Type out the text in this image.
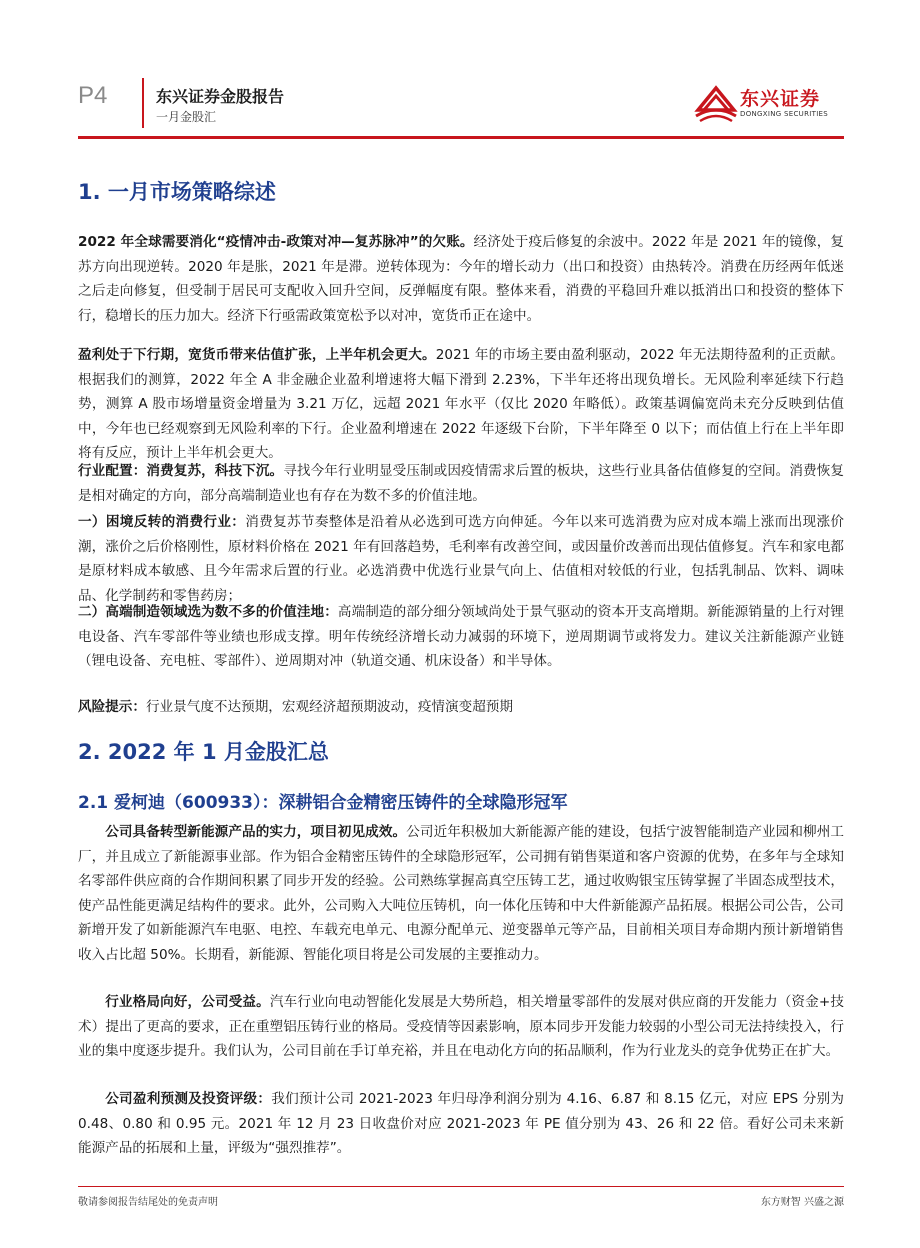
P4	东兴证券金股报告
一月金股汇
东兴证券
DONGXING SECURITIES
1. 一月市场策略综述
2022 年全球需要消化“疫情冲击-政策对冲—复苏脉冲”的欠账。经济处于疫后修复的余波中。2022 年是 2021 年的镜像，复苏方向出现逆转。2020 年是胀，2021 年是滞。逆转体现为：今年的增长动力（出口和投资）由热转冷。消费在历经两年低迷之后走向修复，但受制于居民可支配收入回升空间，反弹幅度有限。整体来看，消费的平稳回升难以抵消出口和投资的整体下行，稳增长的压力加大。经济下行亟需政策宽松予以对冲，宽货币正在途中。
盈利处于下行期，宽货币带来估值扩张，上半年机会更大。2021 年的市场主要由盈利驱动，2022 年无法期待盈利的正贡献。根据我们的测算，2022 年全 A 非金融企业盈利增速将大幅下滑到 2.23%，下半年还将出现负增长。无风险利率延续下行趋势，测算 A 股市场增量资金增量为 3.21 万亿，远超 2021 年水平（仅比 2020 年略低）。政策基调偏宽尚未充分反映到估值中，今年也已经观察到无风险利率的下行。企业盈利增速在 2022 年逐级下台阶，下半年降至 0 以下；而估值上行在上半年即将有反应，预计上半年机会更大。
行业配置：消费复苏，科技下沉。寻找今年行业明显受压制或因疫情需求后置的板块，这些行业具备估值修复的空间。消费恢复是相对确定的方向，部分高端制造业也有存在为数不多的价值洼地。
一）困境反转的消费行业：消费复苏节奏整体是沿着从必选到可选方向伸延。今年以来可选消费为应对成本端上涨而出现涨价潮，涨价之后价格刚性，原材料价格在 2021 年有回落趋势，毛利率有改善空间，或因量价改善而出现估值修复。汽车和家电都是原材料成本敏感、且今年需求后置的行业。必选消费中优选行业景气向上、估值相对较低的行业，包括乳制品、饮料、调味品、化学制药和零售药房；
二）高端制造领域选为数不多的价值洼地：高端制造的部分细分领域尚处于景气驱动的资本开支高增期。新能源销量的上行对锂电设备、汽车零部件等业绩也形成支撑。明年传统经济增长动力减弱的环境下，逆周期调节或将发力。建议关注新能源产业链（锂电设备、充电桩、零部件）、逆周期对冲（轨道交通、机床设备）和半导体。
风险提示：行业景气度不达预期，宏观经济超预期波动，疫情演变超预期
2. 2022 年 1 月金股汇总
2.1 爱柯迪（600933）：深耕铝合金精密压铸件的全球隐形冠军
公司具备转型新能源产品的实力，项目初见成效。公司近年积极加大新能源产能的建设，包括宁波智能制造产业园和柳州工厂，并且成立了新能源事业部。作为铝合金精密压铸件的全球隐形冠军，公司拥有销售渠道和客户资源的优势，在多年与全球知名零部件供应商的合作期间积累了同步开发的经验。公司熟练掌握高真空压铸工艺，通过收购银宝压铸掌握了半固态成型技术，使产品性能更满足结构件的要求。此外，公司购入大吨位压铸机，向一体化压铸和中大件新能源产品拓展。根据公司公告，公司新增开发了如新能源汽车电驱、电控、车载充电单元、电源分配单元、逆变器单元等产品，目前相关项目寿命期内预计新增销售收入占比超 50%。长期看，新能源、智能化项目将是公司发展的主要推动力。
行业格局向好，公司受益。汽车行业向电动智能化发展是大势所趋，相关增量零部件的发展对供应商的开发能力（资金+技术）提出了更高的要求，正在重塑铝压铸行业的格局。受疫情等因素影响，原本同步开发能力较弱的小型公司无法持续投入，行业的集中度逐步提升。我们认为，公司目前在手订单充裕，并且在电动化方向的拓品顺利，作为行业龙头的竞争优势正在扩大。
公司盈利预测及投资评级：我们预计公司 2021-2023 年归母净利润分别为 4.16、6.87 和 8.15 亿元，对应 EPS 分别为 0.48、0.80 和 0.95 元。2021 年 12 月 23 日收盘价对应 2021-2023 年 PE 值分别为 43、26 和 22 倍。看好公司未来新能源产品的拓展和上量，评级为“强烈推荐”。
敬请参阅报告结尾处的免责声明	东方财智 兴盛之源
